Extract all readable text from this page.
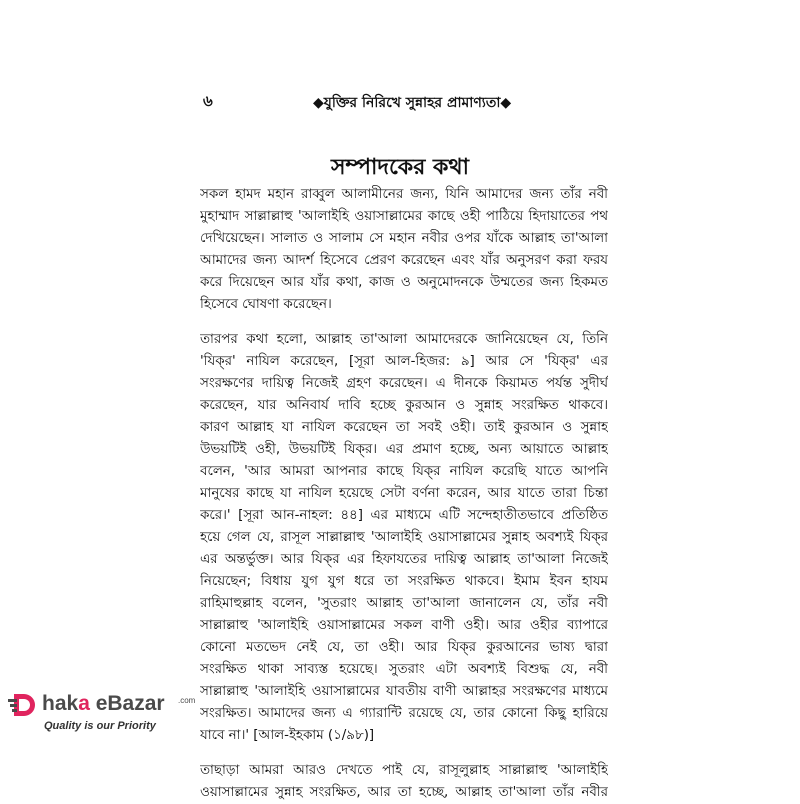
৬	◆যুক্তির নিরিখে সুন্নাহর প্রামাণ্যতা◆
সম্পাদকের কথা
সকল হামদ মহান রাব্বুল আলামীনের জন্য, যিনি আমাদের জন্য তাঁর নবী
মুহাম্মাদ সাল্লাল্লাহু 'আলাইহি ওয়াসাল্লামের কাছে ওহী পাঠিয়ে হিদায়াতের পথ
দেখিয়েছেন। সালাত ও সালাম সে মহান নবীর ওপর যাঁকে আল্লাহ তা'আলা
আমাদের জন্য আদর্শ হিসেবে প্রেরণ করেছেন এবং যাঁর অনুসরণ করা ফরয
করে দিয়েছেন আর যাঁর কথা, কাজ ও অনুমোদনকে উম্মতের জন্য হিকমত
হিসেবে ঘোষণা করেছেন।
তারপর কথা হলো, আল্লাহ তা'আলা আমাদেরকে জানিয়েছেন যে, তিনি
'যিক্‌র' নাযিল করেছেন, [সূরা আল-হিজর: ৯] আর সে 'যিক্‌র' এর
সংরক্ষণের দায়িত্ব নিজেই গ্রহণ করেছেন। এ দীনকে কিয়ামত পর্যন্ত সুদীর্ঘ
করেছেন, যার অনিবার্য দাবি হচ্ছে কুরআন ও সুন্নাহ সংরক্ষিত থাকবে।
কারণ আল্লাহ যা নাযিল করেছেন তা সবই ওহী। তাই কুরআন ও সুন্নাহ
উভয়টিই ওহী, উভয়টিই যিক্‌র। এর প্রমাণ হচ্ছে, অন্য আয়াতে আল্লাহ
বলেন, 'আর আমরা আপনার কাছে যিক্‌র নাযিল করেছি যাতে আপনি
মানুষের কাছে যা নাযিল হয়েছে সেটা বর্ণনা করেন, আর যাতে তারা চিন্তা
করে।' [সূরা আন-নাহল: ৪৪] এর মাধ্যমে এটি সন্দেহাতীতভাবে প্রতিষ্ঠিত
হয়ে গেল যে, রাসূল সাল্লাল্লাহু 'আলাইহি ওয়াসাল্লামের সুন্নাহ অবশ্যই যিক্‌র
এর অন্তর্ভুক্ত। আর যিক্‌র এর হিফাযতের দায়িত্ব আল্লাহ তা'আলা নিজেই
নিয়েছেন; বিধায় যুগ যুগ ধরে তা সংরক্ষিত থাকবে। ইমাম ইবন হাযম
রাহিমাহুল্লাহ বলেন, 'সুতরাং আল্লাহ তা'আলা জানালেন যে, তাঁর নবী
সাল্লাল্লাহু 'আলাইহি ওয়াসাল্লামের সকল বাণী ওহী। আর ওহীর ব্যাপারে
কোনো মতভেদ নেই যে, তা ওহী। আর যিক্‌র কুরআনের ভাষ্য দ্বারা
সংরক্ষিত থাকা সাব্যস্ত হয়েছে। সুতরাং এটা অবশ্যই বিশুদ্ধ যে, নবী
সাল্লাল্লাহু 'আলাইহি ওয়াসাল্লামের যাবতীয় বাণী আল্লাহর সংরক্ষণের মাধ্যমে
সংরক্ষিত। আমাদের জন্য এ গ্যারান্টি রয়েছে যে, তার কোনো কিছু হারিয়ে
যাবে না।' [আল-ইহকাম (১/৯৮)]
তাছাড়া আমরা আরও দেখতে পাই যে, রাসূলুল্লাহ সাল্লাল্লাহু 'আলাইহি
ওয়াসাল্লামের সুন্নাহ সংরক্ষিত, আর তা হচ্ছে, আল্লাহ তা'আলা তাঁর নবীর
haka eBazar .com
Quality is our Priority
